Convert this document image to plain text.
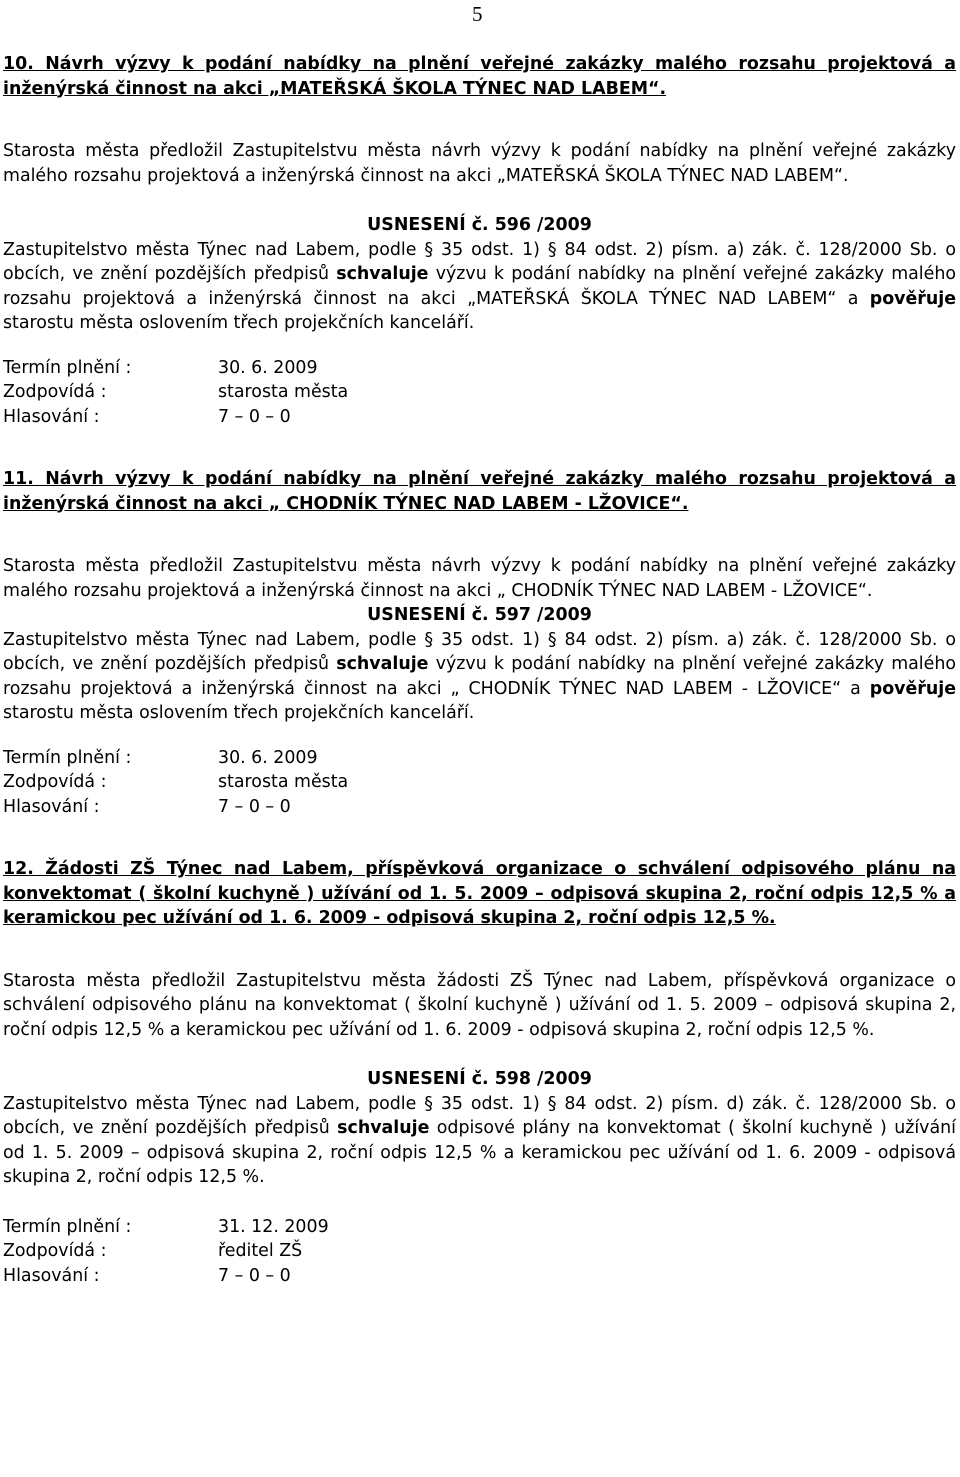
5

10. Návrh výzvy k podání nabídky na plnění veřejné zakázky malého rozsahu projektová a inženýrská činnost na akci „MATEŘSKÁ ŠKOLA TÝNEC NAD LABEM“.

Starosta města předložil Zastupitelstvu města návrh výzvy k podání nabídky na plnění veřejné zakázky malého rozsahu projektová a inženýrská činnost na akci „MATEŘSKÁ ŠKOLA TÝNEC NAD LABEM“.

USNESENÍ č. 596 /2009

Zastupitelstvo města Týnec nad Labem, podle § 35 odst. 1) § 84 odst. 2) písm. a) zák. č. 128/2000 Sb. o obcích, ve znění pozdějších předpisů schvaluje výzvu k podání nabídky na plnění veřejné zakázky malého rozsahu projektová a inženýrská činnost na akci „MATEŘSKÁ ŠKOLA TÝNEC NAD LABEM“ a pověřuje starostu města oslovením třech projekčních kanceláří.

Termín plnění :	30. 6. 2009
Zodpovídá :	starosta města
Hlasování :	7 – 0 – 0

11. Návrh výzvy k podání nabídky na plnění veřejné zakázky malého rozsahu projektová a inženýrská činnost na akci „ CHODNÍK TÝNEC NAD LABEM - LŽOVICE“.

Starosta města předložil Zastupitelstvu města návrh výzvy k podání nabídky na plnění veřejné zakázky malého rozsahu projektová a inženýrská činnost na akci „ CHODNÍK TÝNEC NAD LABEM - LŽOVICE“.

USNESENÍ č. 597 /2009

Zastupitelstvo města Týnec nad Labem, podle § 35 odst. 1) § 84 odst. 2) písm. a) zák. č. 128/2000 Sb. o obcích, ve znění pozdějších předpisů schvaluje výzvu k podání nabídky na plnění veřejné zakázky malého rozsahu projektová a inženýrská činnost na akci „ CHODNÍK TÝNEC NAD LABEM - LŽOVICE“ a pověřuje starostu města oslovením třech projekčních kanceláří.

Termín plnění :	30. 6. 2009
Zodpovídá :	starosta města
Hlasování :	7 – 0 – 0

12. Žádosti ZŠ Týnec nad Labem, příspěvková organizace o schválení odpisového plánu na konvektomat ( školní kuchyně ) užívání od 1. 5. 2009 – odpisová skupina 2, roční odpis 12,5 % a keramickou pec užívání od 1. 6. 2009 - odpisová skupina 2, roční odpis 12,5 %.

Starosta města předložil Zastupitelstvu města žádosti ZŠ Týnec nad Labem, příspěvková organizace o schválení odpisového plánu na konvektomat ( školní kuchyně ) užívání od 1. 5. 2009 – odpisová skupina 2, roční odpis 12,5 % a keramickou pec užívání od 1. 6. 2009 - odpisová skupina 2, roční odpis 12,5 %.

USNESENÍ č. 598 /2009

Zastupitelstvo města Týnec nad Labem, podle § 35 odst. 1) § 84 odst. 2) písm. d) zák. č. 128/2000 Sb. o obcích, ve znění pozdějších předpisů schvaluje odpisové plány na konvektomat ( školní kuchyně ) užívání od 1. 5. 2009 – odpisová skupina 2, roční odpis 12,5 % a keramickou pec užívání od 1. 6. 2009 - odpisová skupina 2, roční odpis 12,5 %.

Termín plnění :	31. 12. 2009
Zodpovídá :	ředitel ZŠ
Hlasování :	7 – 0 – 0
